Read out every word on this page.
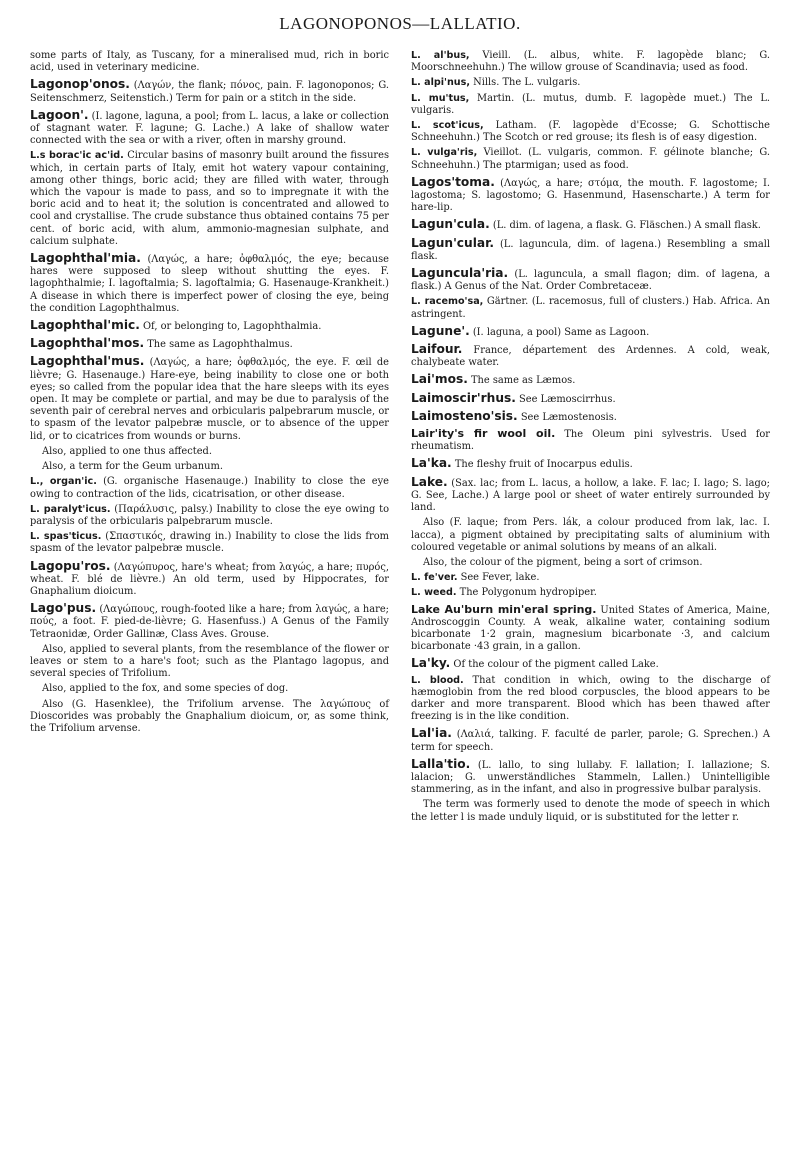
LAGONOPONOS—LALLATIO.

some parts of Italy, as Tuscany, for a mineralised mud, rich in boric acid, used in veterinary medicine.

Lagonop'onos. (Λαγών, the flank; πόνος, pain. F. lagonoponos; G. Seitenschmerz, Seitenstich.) Term for pain or a stitch in the side.

Lagoon'. (I. lagone, laguna, a pool; from L. lacus, a lake or collection of stagnant water. F. lagune; G. Lache.) A lake of shallow water connected with the sea or with a river, often in marshy ground.

L.s borac'ic ac'id. Circular basins of masonry built around the fissures which, in certain parts of Italy, emit hot watery vapour containing, among other things, boric acid; they are filled with water, through which the vapour is made to pass, and so to impregnate it with the boric acid and to heat it; the solution is concentrated and allowed to cool and crystallise. The crude substance thus obtained contains 75 per cent. of boric acid, with alum, ammonio-magnesian sulphate, and calcium sulphate.

Lagophthal'mia. (Λαγώς, a hare; ὀφθαλμός, the eye; because hares were supposed to sleep without shutting the eyes. F. lagophthalmie; I. lagoftalmia; S. lagoftalmia; G. Hasenauge-Krankheit.) A disease in which there is imperfect power of closing the eye, being the condition Lagophthalmus.

Lagophthal'mic. Of, or belonging to, Lagophthalmia.

Lagophthal'mos. The same as Lagophthalmus.

Lagophthal'mus. (Λαγώς, a hare; ὀφθαλμός, the eye. F. œil de lièvre; G. Hasenauge.) Hare-eye, being inability to close one or both eyes; so called from the popular idea that the hare sleeps with its eyes open. It may be complete or partial, and may be due to paralysis of the seventh pair of cerebral nerves and orbicularis palpebrarum muscle, or to spasm of the levator palpebræ muscle, or to absence of the upper lid, or to cicatrices from wounds or burns.

Also, applied to one thus affected.

Also, a term for the Geum urbanum.

L., organ'ic. (G. organische Hasenauge.) Inability to close the eye owing to contraction of the lids, cicatrisation, or other disease.

L. paralyt'icus. (Παράλυσις, palsy.) Inability to close the eye owing to paralysis of the orbicularis palpebrarum muscle.

L. spas'ticus. (Σπαστικός, drawing in.) Inability to close the lids from spasm of the levator palpebræ muscle.

Lagopu'ros. (Λαγώπυρος, hare's wheat; from λαγώς, a hare; πυρός, wheat. F. blé de lièvre.) An old term, used by Hippocrates, for Gnaphalium dioicum.

Lago'pus. (Λαγώπους, rough-footed like a hare; from λαγώς, a hare; πούς, a foot. F. pied-de-lièvre; G. Hasenfuss.) A Genus of the Family Tetraonidæ, Order Gallinæ, Class Aves. Grouse.

Also, applied to several plants, from the resemblance of the flower or leaves or stem to a hare's foot; such as the Plantago lagopus, and several species of Trifolium.

Also, applied to the fox, and some species of dog.

Also (G. Hasenklee), the Trifolium arvense. The λαγώπους of Dioscorides was probably the Gnaphalium dioicum, or, as some think, the Trifolium arvense.

L. al'bus, Vieill. (L. albus, white. F. lagopède blanc; G. Moorschneehuhn.) The willow grouse of Scandinavia; used as food.

L. alpi'nus, Nills. The L. vulgaris.

L. mu'tus, Martin. (L. mutus, dumb. F. lagopède muet.) The L. vulgaris.

L. scot'icus, Latham. (F. lagopède d'Ecosse; G. Schottische Schneehuhn.) The Scotch or red grouse; its flesh is of easy digestion.

L. vulga'ris, Vieillot. (L. vulgaris, common. F. gélinote blanche; G. Schneehuhn.) The ptarmigan; used as food.

Lagos'toma. (Λαγώς, a hare; στόμα, the mouth. F. lagostome; I. lagostoma; S. lagostomo; G. Hasenmund, Hasenscharte.) A term for hare-lip.

Lagun'cula. (L. dim. of lagena, a flask. G. Fläschen.) A small flask.

Lagun'cular. (L. laguncula, dim. of lagena.) Resembling a small flask.

Laguncula'ria. (L. laguncula, a small flagon; dim. of lagena, a flask.) A Genus of the Nat. Order Combretaceæ.

L. racemo'sa, Gärtner. (L. racemosus, full of clusters.) Hab. Africa. An astringent.

Lagune'. (I. laguna, a pool) Same as Lagoon.

Laifour. France, département des Ardennes. A cold, weak, chalybeate water.

Lai'mos. The same as Læmos.

Laimoscir'rhus. See Læmoscirrhus.

Laimosteno'sis. See Læmostenosis.

Lair'ity's fir wool oil. The Oleum pini sylvestris. Used for rheumatism.

La'ka. The fleshy fruit of Inocarpus edulis.

Lake. (Sax. lac; from L. lacus, a hollow, a lake. F. lac; I. lago; S. lago; G. See, Lache.) A large pool or sheet of water entirely surrounded by land.

Also (F. laque; from Pers. lák, a colour produced from lak, lac. I. lacca), a pigment obtained by precipitating salts of aluminium with coloured vegetable or animal solutions by means of an alkali.

Also, the colour of the pigment, being a sort of crimson.

L. fe'ver. See Fever, lake.

L. weed. The Polygonum hydropiper.

Lake Au'burn min'eral spring. United States of America, Maine, Androscoggin County. A weak, alkaline water, containing sodium bicarbonate 1·2 grain, magnesium bicarbonate ·3, and calcium bicarbonate ·43 grain, in a gallon.

La'ky. Of the colour of the pigment called Lake.

L. blood. That condition in which, owing to the discharge of hæmoglobin from the red blood corpuscles, the blood appears to be darker and more transparent. Blood which has been thawed after freezing is in the like condition.

Lal'ia. (Λαλιά, talking. F. faculté de parler, parole; G. Sprechen.) A term for speech.

Lalla'tio. (L. lallo, to sing lullaby. F. lallation; I. lallazione; S. lalacion; G. unwerständliches Stammeln, Lallen.) Unintelligible stammering, as in the infant, and also in progressive bulbar paralysis.

The term was formerly used to denote the mode of speech in which the letter l is made unduly liquid, or is substituted for the letter r.
